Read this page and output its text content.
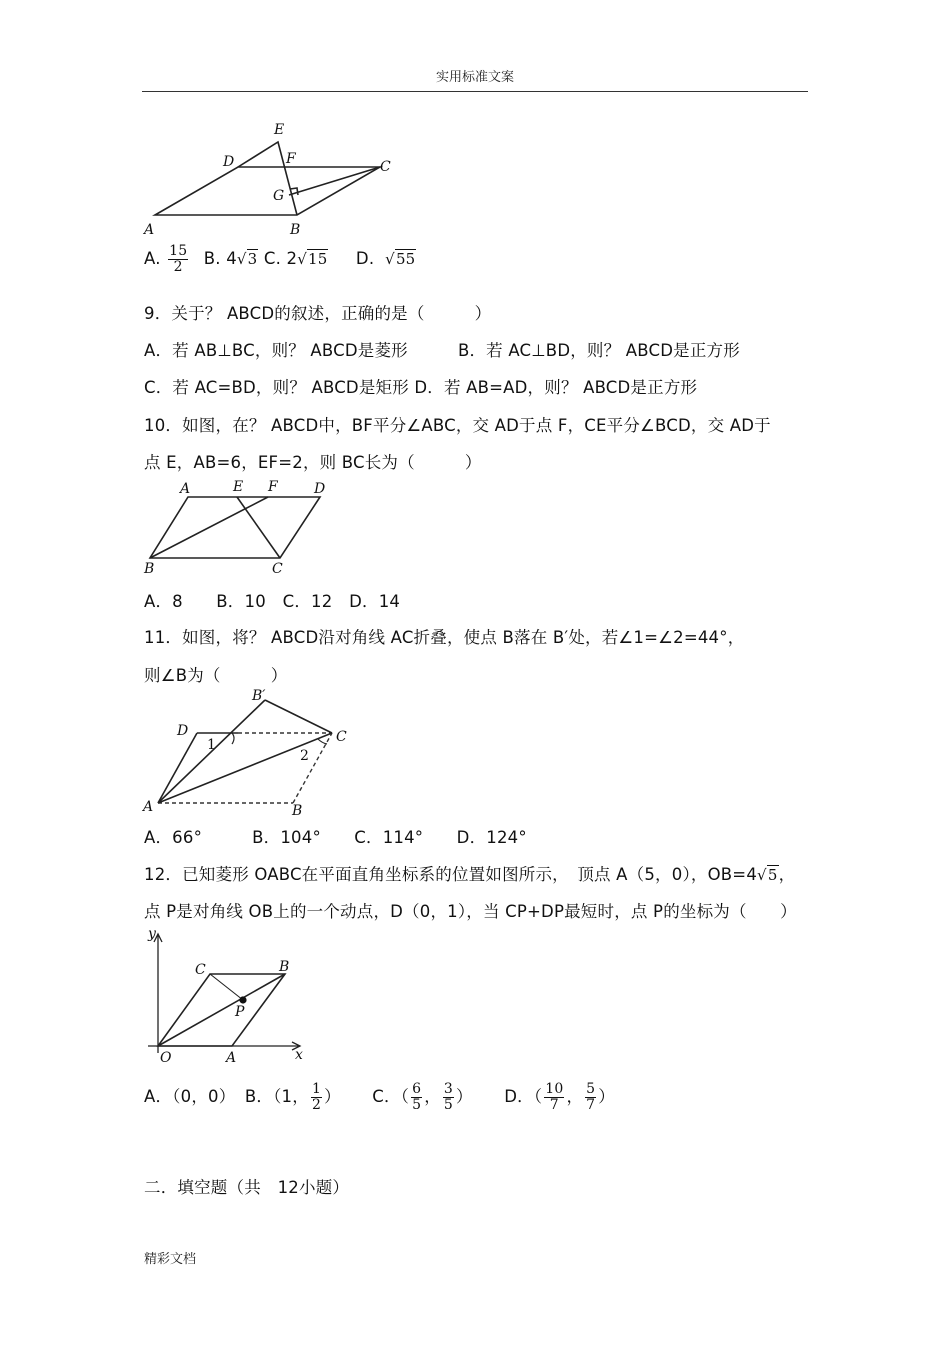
实用标准文案
E
D	F	C
G
A	B
A. $\frac{15}{2} B$. 4√3 C. 2√15 D. √55
9．关于？ ABCD的叙述，正确的是（　　　）
A．若 AB⊥BC，则？ ABCD是菱形　　　B．若 AC⊥BD，则？ ABCD是正方形
C．若 AC=BD，则？ ABCD是矩形 D．若 AB=AD，则？ ABCD是正方形
10．如图，在？ ABCD中，BF平分∠ABC，交 AD于点 F，CE平分∠BCD，交 AD于
点 E，AB=6，EF=2，则 BC长为（　　　）
A	E F	D
B	C
A．8　　B．10　C．12　D．14
11．如图，将？ ABCD沿对角线 AC折叠，使点 B落在 B′处，若∠1=∠2=44°，
则∠B为（　　　）
B′
D	C
1
2
A	B
A．66°　　　B．104°　　C．114°　　D．124°
12．已知菱形 OABC在平面直角坐标系的位置如图所示，　顶点 A（5，0），OB=4√5，
点 P是对角线 OB上的一个动点，D（0，1），当 CP+DP最短时，点 P的坐标为（　　）
y
x
O	A
B
C
P
A．（0，0） B．（1， $\frac{1}{2}$ ） C．（ $\frac{6}{5}$ ， $\frac{3}{5}$ ） D．（ $\frac{10}{7}$ ， $\frac{5}{7}$ ）
二．填空题（共　12小题）
精彩文档
